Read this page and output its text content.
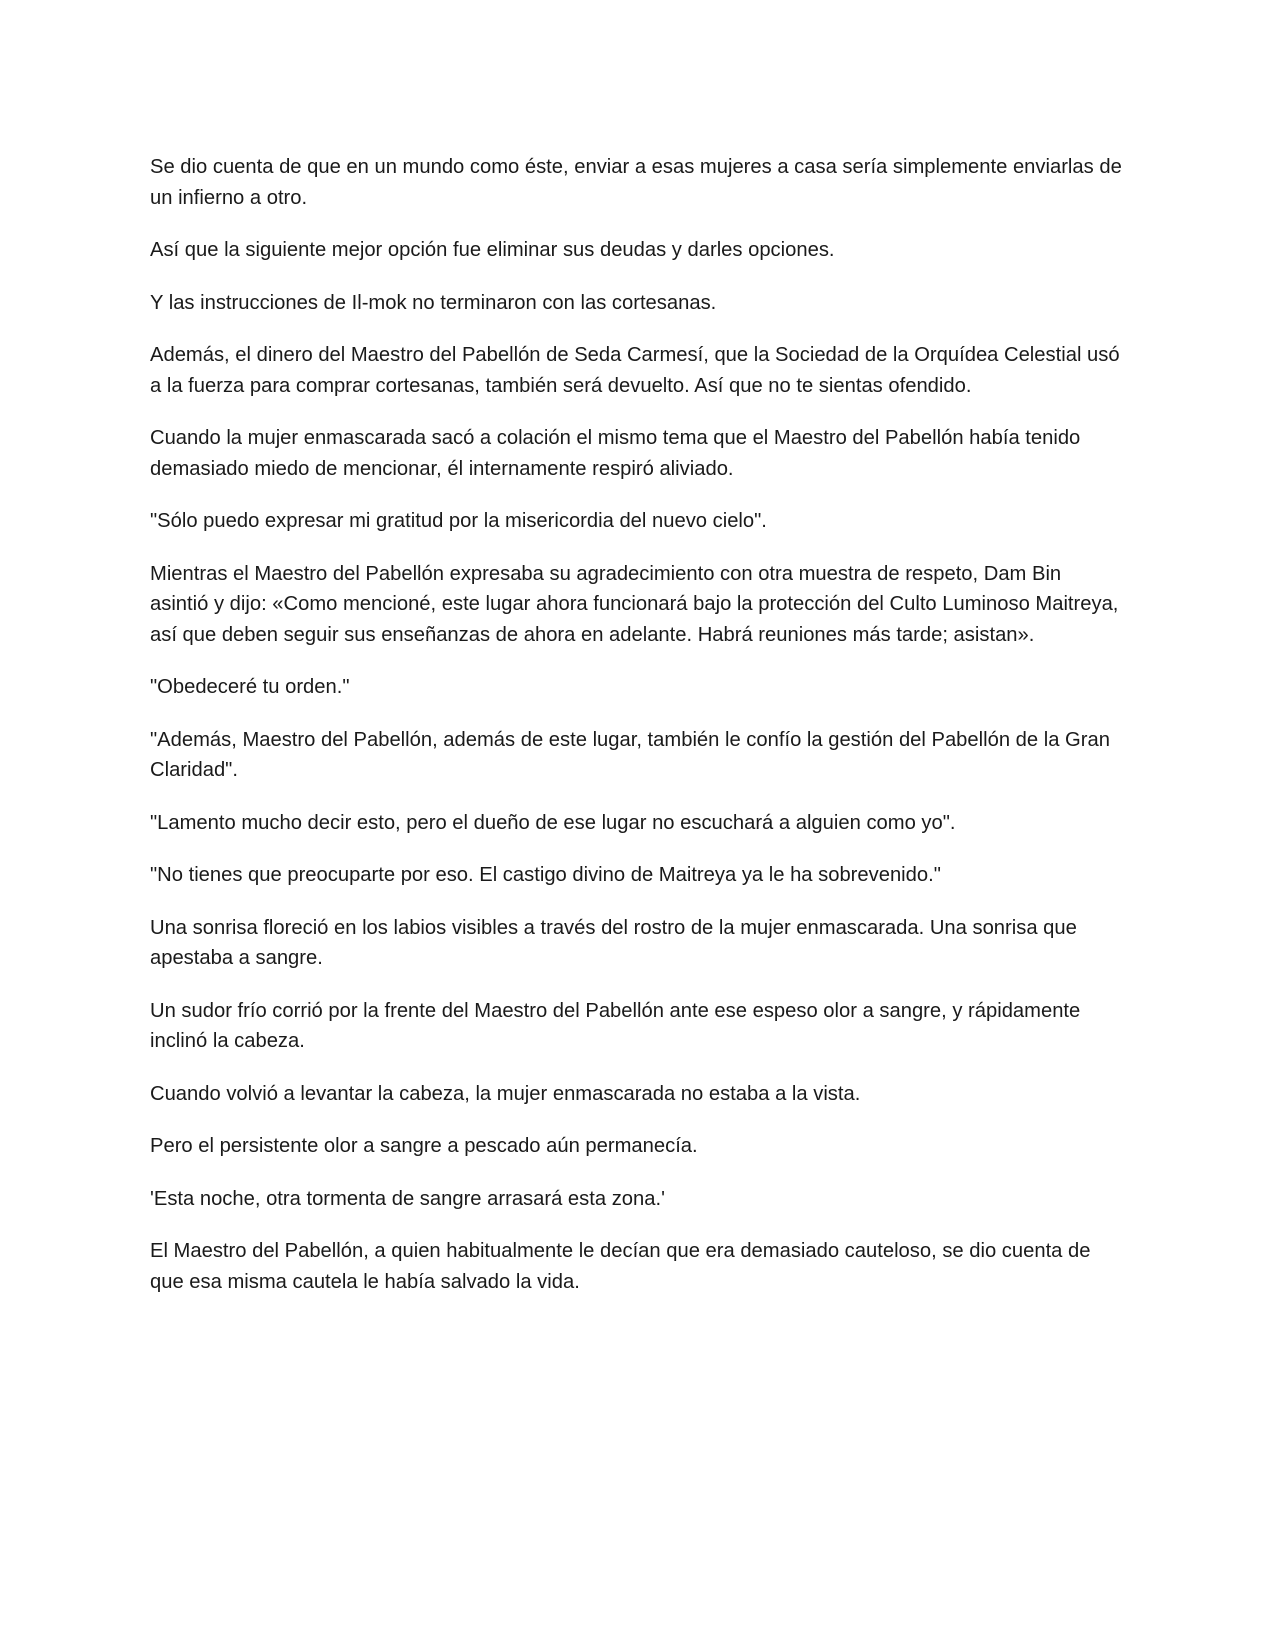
Se dio cuenta de que en un mundo como éste, enviar a esas mujeres a casa sería simplemente enviarlas de un infierno a otro.

Así que la siguiente mejor opción fue eliminar sus deudas y darles opciones.

Y las instrucciones de Il-mok no terminaron con las cortesanas.

Además, el dinero del Maestro del Pabellón de Seda Carmesí, que la Sociedad de la Orquídea Celestial usó a la fuerza para comprar cortesanas, también será devuelto. Así que no te sientas ofendido.

Cuando la mujer enmascarada sacó a colación el mismo tema que el Maestro del Pabellón había tenido demasiado miedo de mencionar, él internamente respiró aliviado.

"Sólo puedo expresar mi gratitud por la misericordia del nuevo cielo".

Mientras el Maestro del Pabellón expresaba su agradecimiento con otra muestra de respeto, Dam Bin asintió y dijo: «Como mencioné, este lugar ahora funcionará bajo la protección del Culto Luminoso Maitreya, así que deben seguir sus enseñanzas de ahora en adelante. Habrá reuniones más tarde; asistan».

"Obedeceré tu orden."

"Además, Maestro del Pabellón, además de este lugar, también le confío la gestión del Pabellón de la Gran Claridad".

"Lamento mucho decir esto, pero el dueño de ese lugar no escuchará a alguien como yo".

"No tienes que preocuparte por eso. El castigo divino de Maitreya ya le ha sobrevenido."

Una sonrisa floreció en los labios visibles a través del rostro de la mujer enmascarada. Una sonrisa que apestaba a sangre.

Un sudor frío corrió por la frente del Maestro del Pabellón ante ese espeso olor a sangre, y rápidamente inclinó la cabeza.

Cuando volvió a levantar la cabeza, la mujer enmascarada no estaba a la vista.

Pero el persistente olor a sangre a pescado aún permanecía.

'Esta noche, otra tormenta de sangre arrasará esta zona.'

El Maestro del Pabellón, a quien habitualmente le decían que era demasiado cauteloso, se dio cuenta de que esa misma cautela le había salvado la vida.
